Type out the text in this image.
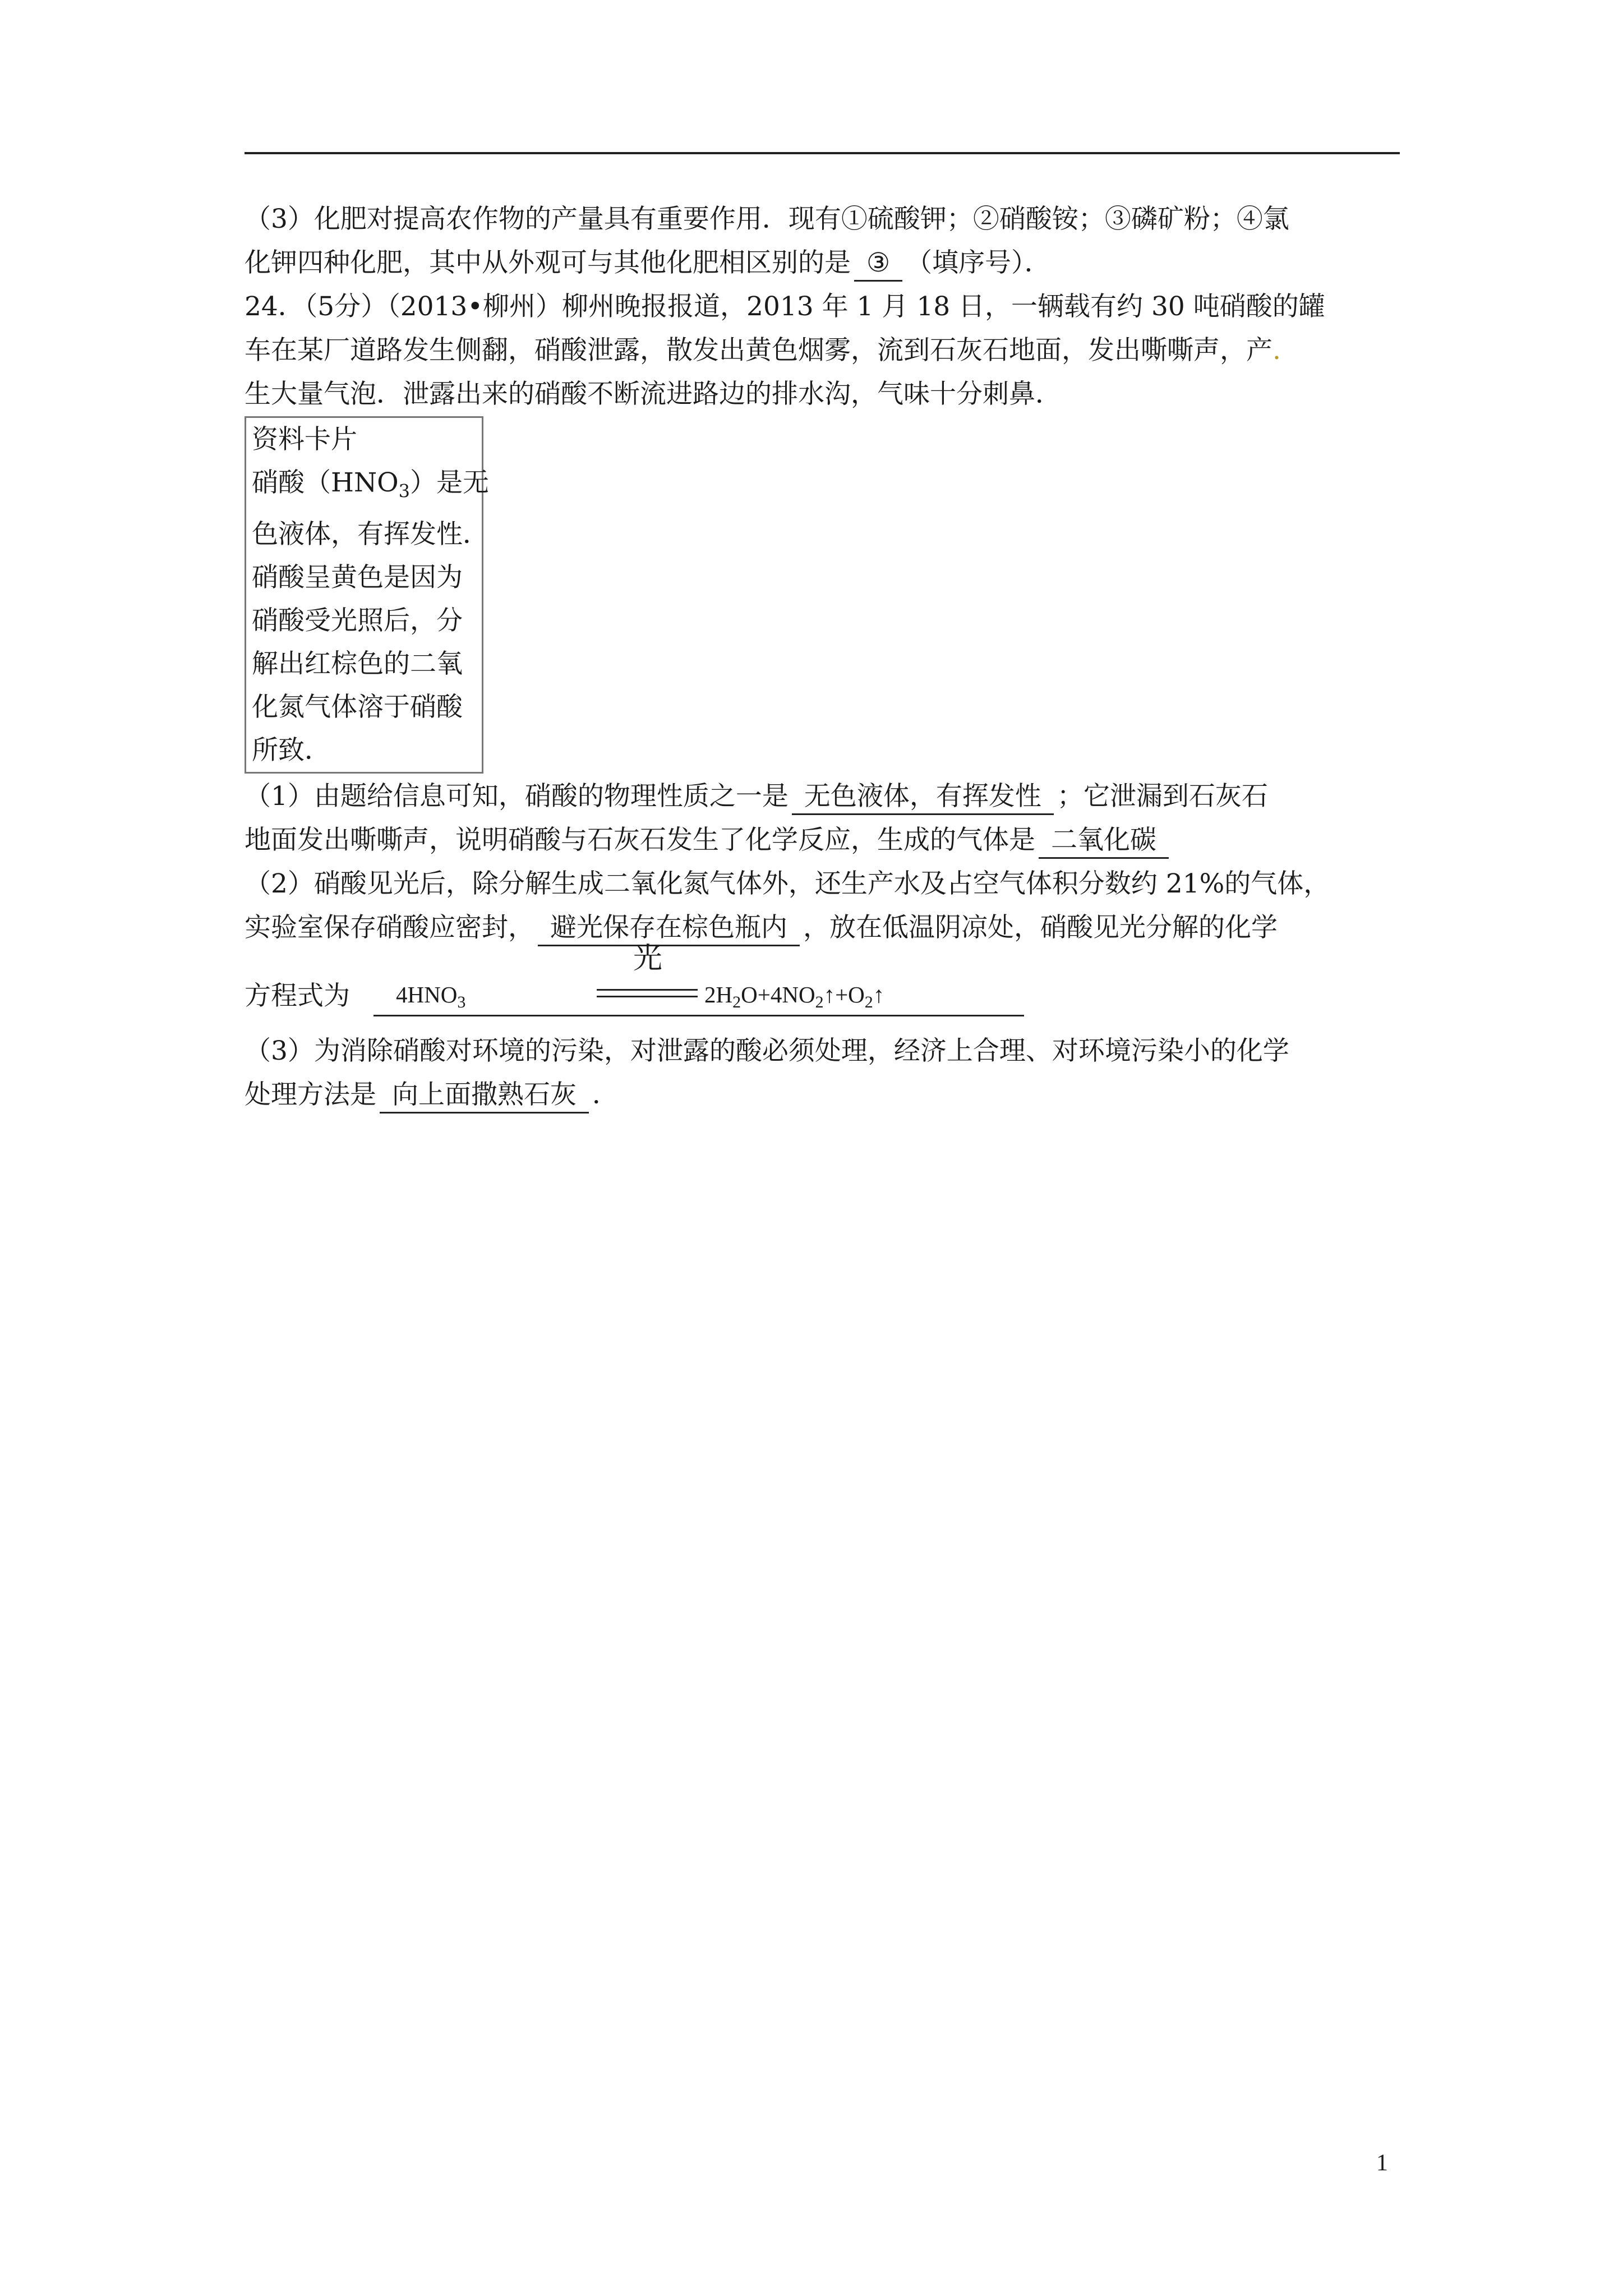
（3）化肥对提高农作物的产量具有重要作用．现有①硫酸钾；②硝酸铵；③磷矿粉；④氯

化钾四种化肥，其中从外观可与其他化肥相区别的是 ③ （填序号）．

24．（5分）（2013•柳州）柳州晚报报道，2013 年 1 月 18 日，一辆载有约 30 吨硝酸的罐

车在某厂道路发生侧翻，硝酸泄露，散发出黄色烟雾，流到石灰石地面，发出嘶嘶声，产.

生大量气泡．泄露出来的硝酸不断流进路边的排水沟，气味十分刺鼻．

资料卡片
硝酸$(HNO_3)$是无
色液体，有挥发性．
硝酸呈黄色是因为
硝酸受光照后，分
解出红棕色的二氧
化氮气体溶于硝酸
所致．

（1）由题给信息可知，硝酸的物理性质之一是 无色液体，有挥发性 ；它泄漏到石灰石

地面发出嘶嘶声，说明硝酸与石灰石发生了化学反应，生成的气体是 二氧化碳

（2）硝酸见光后，除分解生成二氧化氮气体外，还生产水及占空气体积分数约 21%的气体，

实验室保存硝酸应密封， 避光保存在棕色瓶内 ，放在低温阴凉处，硝酸见光分解的化学

方程式为 $4HNO_3$
光
$2H_2O+4NO_2↑+O_2↑$

（3）为消除硝酸对环境的污染，对泄露的酸必须处理，经济上合理、对环境污染小的化学

处理方法是 向上面撒熟石灰 ．

1
